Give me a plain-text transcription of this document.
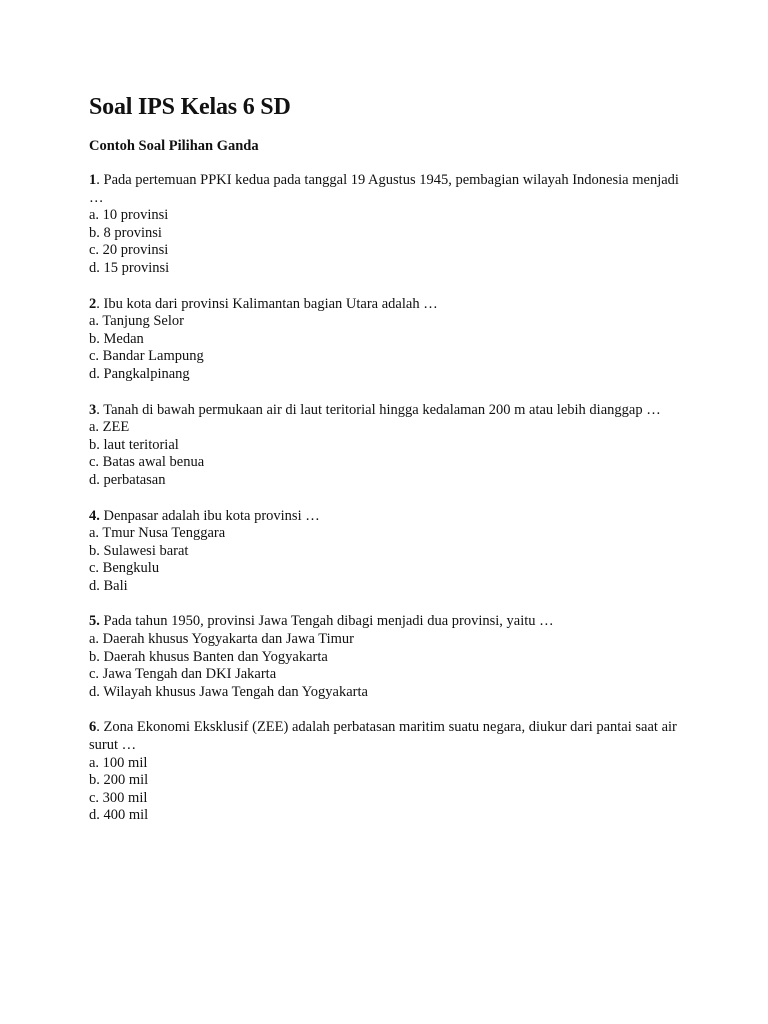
Soal IPS Kelas 6 SD
Contoh Soal Pilihan Ganda

1. Pada pertemuan PPKI kedua pada tanggal 19 Agustus 1945, pembagian wilayah Indonesia menjadi …

a. 10 provinsi
b. 8 provinsi
c. 20 provinsi
d. 15 provinsi

2. Ibu kota dari provinsi Kalimantan bagian Utara adalah …

a. Tanjung Selor
b. Medan
c. Bandar Lampung
d. Pangkalpinang

3. Tanah di bawah permukaan air di laut teritorial hingga kedalaman 200 m atau lebih dianggap …

a. ZEE
b. laut teritorial
c. Batas awal benua
d. perbatasan

4. Denpasar adalah ibu kota provinsi …

a. Tmur Nusa Tenggara
b. Sulawesi barat
c. Bengkulu
d. Bali

5. Pada tahun 1950, provinsi Jawa Tengah dibagi menjadi dua provinsi, yaitu …

a. Daerah khusus Yogyakarta dan Jawa Timur
b. Daerah khusus Banten dan Yogyakarta
c. Jawa Tengah dan DKI Jakarta
d. Wilayah khusus Jawa Tengah dan Yogyakarta

6. Zona Ekonomi Eksklusif (ZEE) adalah perbatasan maritim suatu negara, diukur dari pantai saat air surut …

a. 100 mil
b. 200 mil
c. 300 mil
d. 400 mil
